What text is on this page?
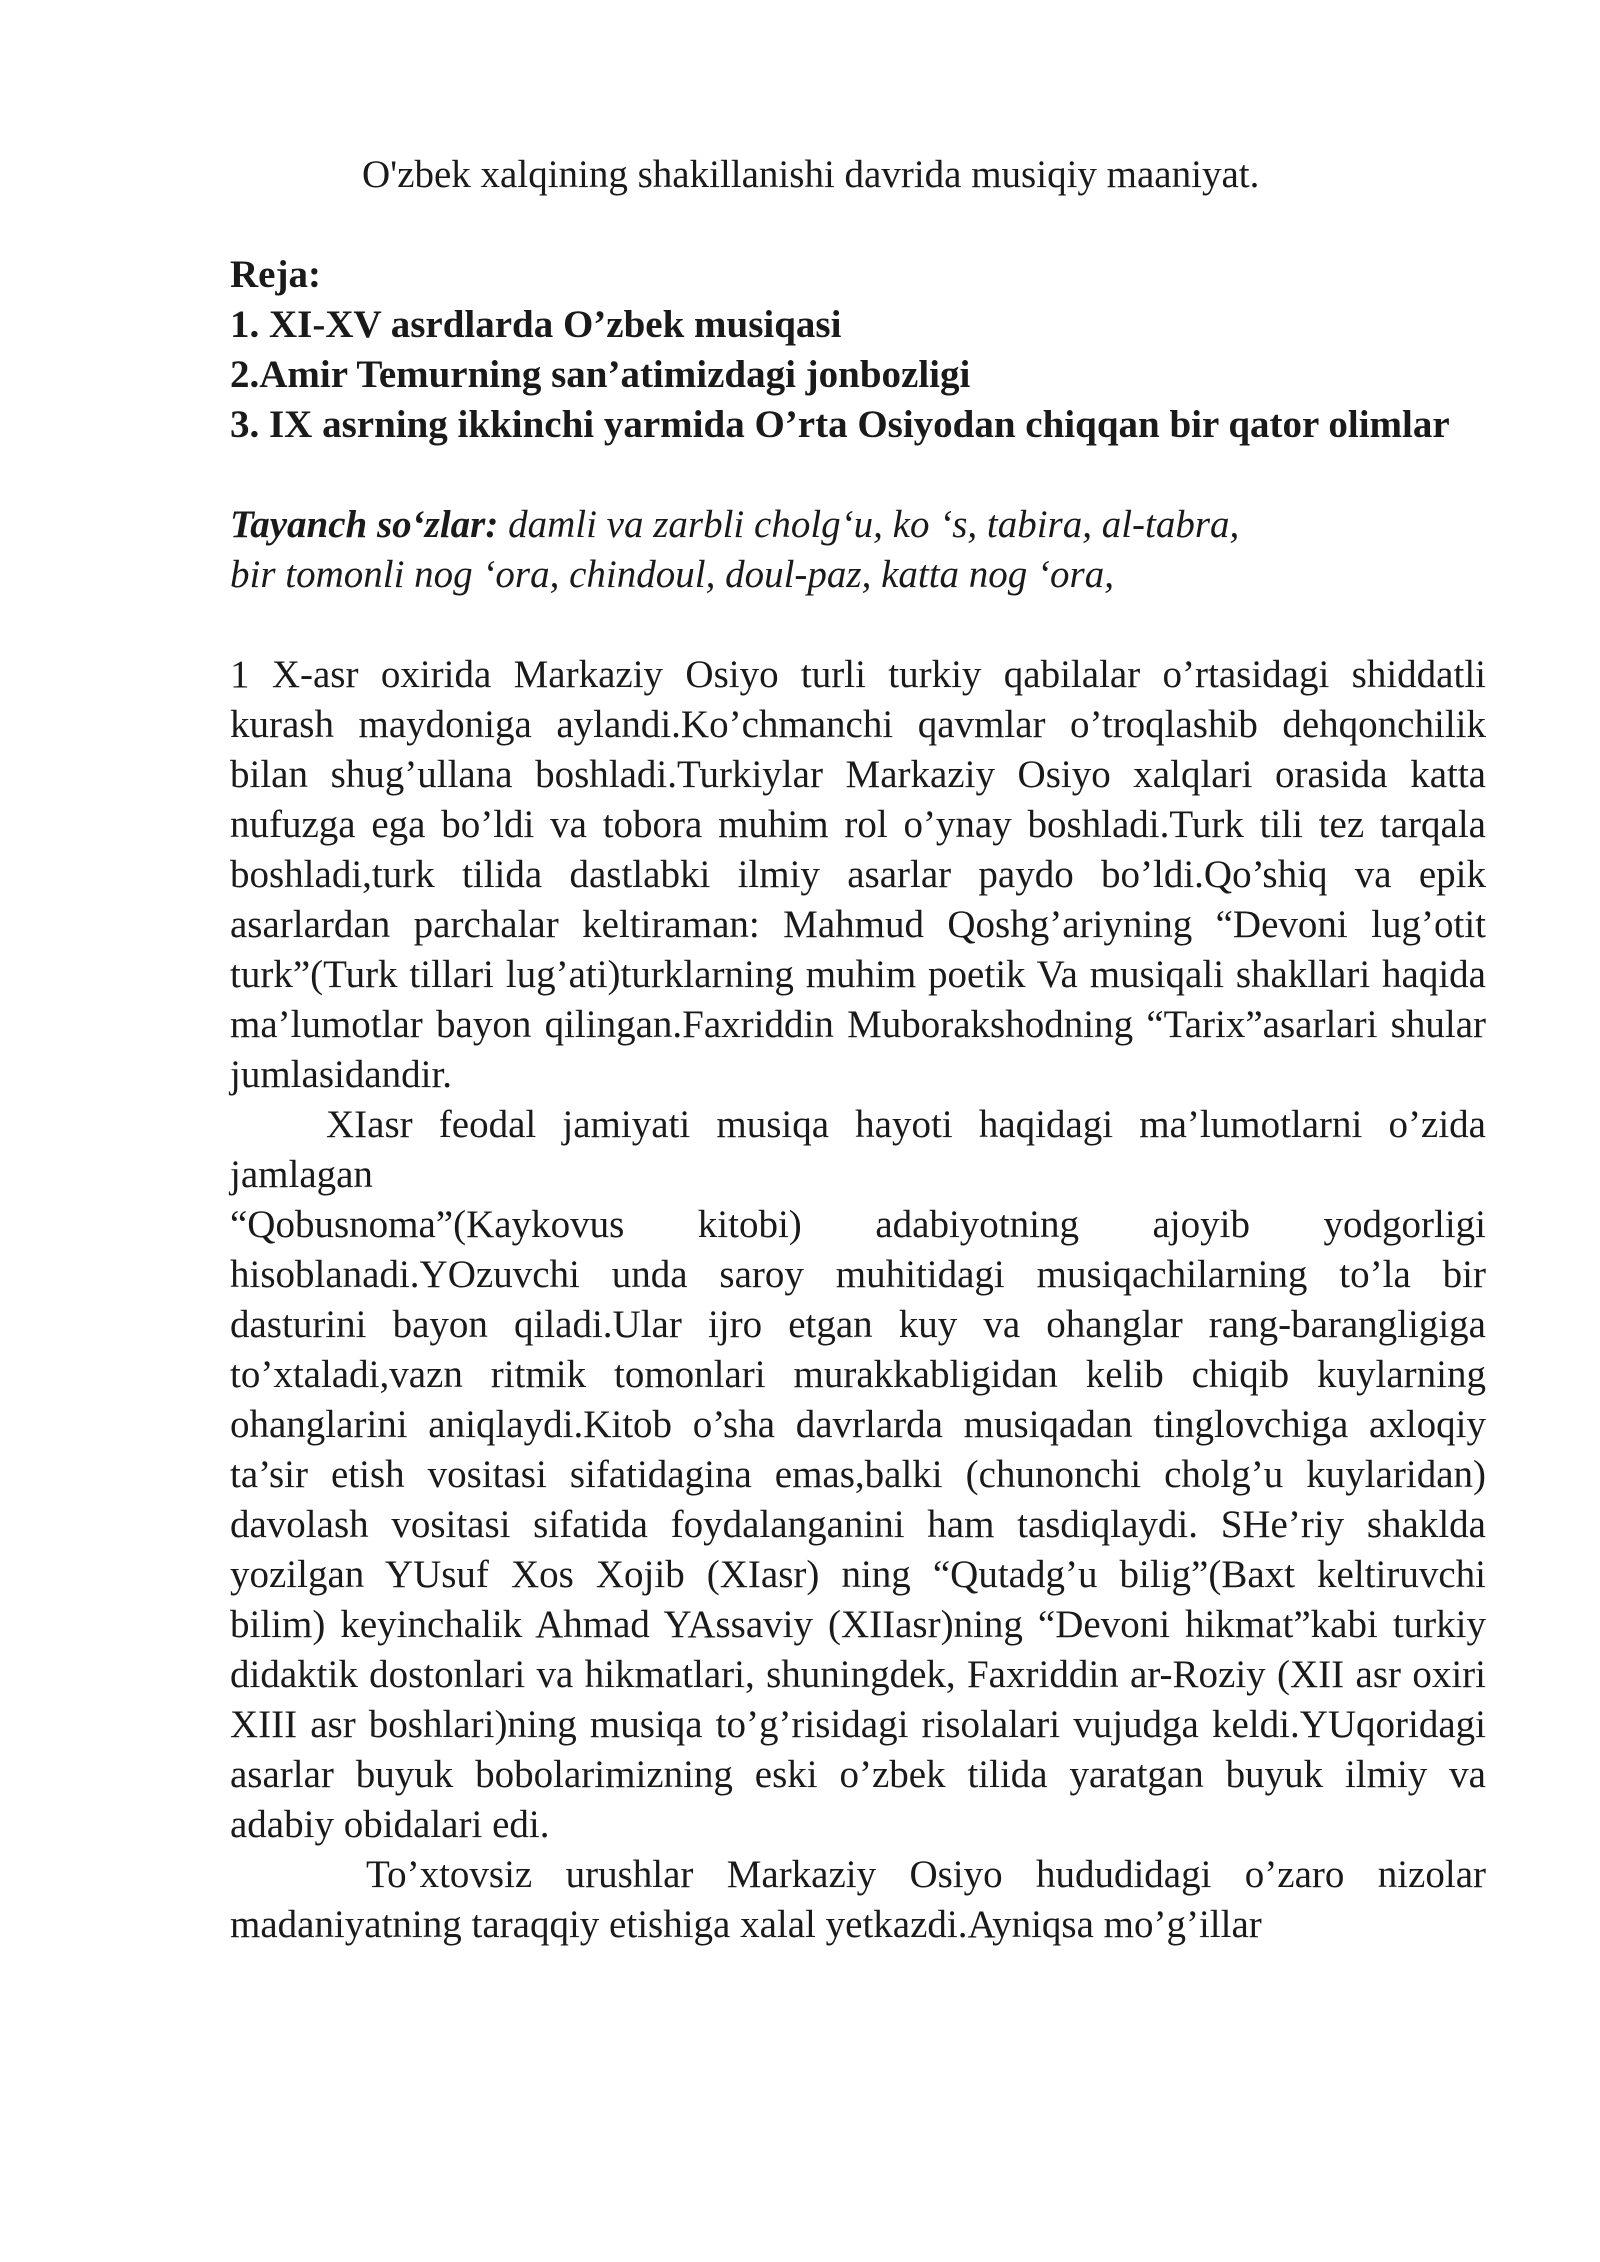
O'zbek xalqining shakillanishi davrida musiqiy maaniyat.
Reja:
1. XI-XV asrdlarda O’zbek musiqasi
2.Amir Temurning san’atimizdagi jonbozligi
3. IX asrning ikkinchi yarmida O’rta Osiyodan chiqqan bir qator olimlar
Tayanch so‘zlar: damli va zarbli cholg‘u, ko ‘s, tabira, al-tabra,
bir tomonli nog ‘ora, chindoul, doul-paz, katta nog ‘ora,

1 X-asr oxirida Markaziy Osiyo turli turkiy qabilalar o’rtasidagi shiddatli kurash maydoniga aylandi.Ko’chmanchi qavmlar o’troqlashib dehqonchilik bilan shug’ullana boshladi.Turkiylar Markaziy Osiyo xalqlari orasida katta nufuzga ega bo’ldi va tobora muhim rol o’ynay boshladi.Turk tili tez tarqala boshladi,turk tilida dastlabki ilmiy asarlar paydo bo’ldi.Qo’shiq va epik asarlardan parchalar keltiraman: Mahmud Qoshg’ariyning “Devoni lug’otit turk”(Turk tillari lug’ati)turklarning muhim poetik Va musiqali shakllari haqida ma’lumotlar bayon qilingan.Faxriddin Muborakshodning “Tarix”asarlari shular jumlasidandir.

XIasr feodal jamiyati musiqa hayoti haqidagi ma’lumotlarni o’zida jamlagan

“Qobusnoma”(Kaykovus kitobi) adabiyotning ajoyib yodgorligi hisoblanadi.YOzuvchi unda saroy muhitidagi musiqachilarning to’la bir dasturini bayon qiladi.Ular ijro etgan kuy va ohanglar rang-barangligiga to’xtaladi,vazn ritmik tomonlari murakkabligidan kelib chiqib kuylarning ohanglarini aniqlaydi.Kitob o’sha davrlarda musiqadan tinglovchiga axloqiy ta’sir etish vositasi sifatidagina emas,balki (chunonchi cholg’u kuylaridan) davolash vositasi sifatida foydalanganini ham tasdiqlaydi. SHe’riy shaklda yozilgan YUsuf Xos Xojib (XIasr) ning “Qutadg’u bilig”(Baxt keltiruvchi bilim) keyinchalik Ahmad YAssaviy (XIIasr)ning “Devoni hikmat”kabi turkiy didaktik dostonlari va hikmatlari, shuningdek, Faxriddin ar-Roziy (XII asr oxiri XIII asr boshlari)ning musiqa to’g’risidagi risolalari vujudga keldi.YUqoridagi asarlar buyuk bobolarimizning eski o’zbek tilida yaratgan buyuk ilmiy va adabiy obidalari edi.

To’xtovsiz urushlar Markaziy Osiyo hududidagi o’zaro nizolar madaniyatning taraqqiy etishiga xalal yetkazdi.Ayniqsa mo’g’illar
